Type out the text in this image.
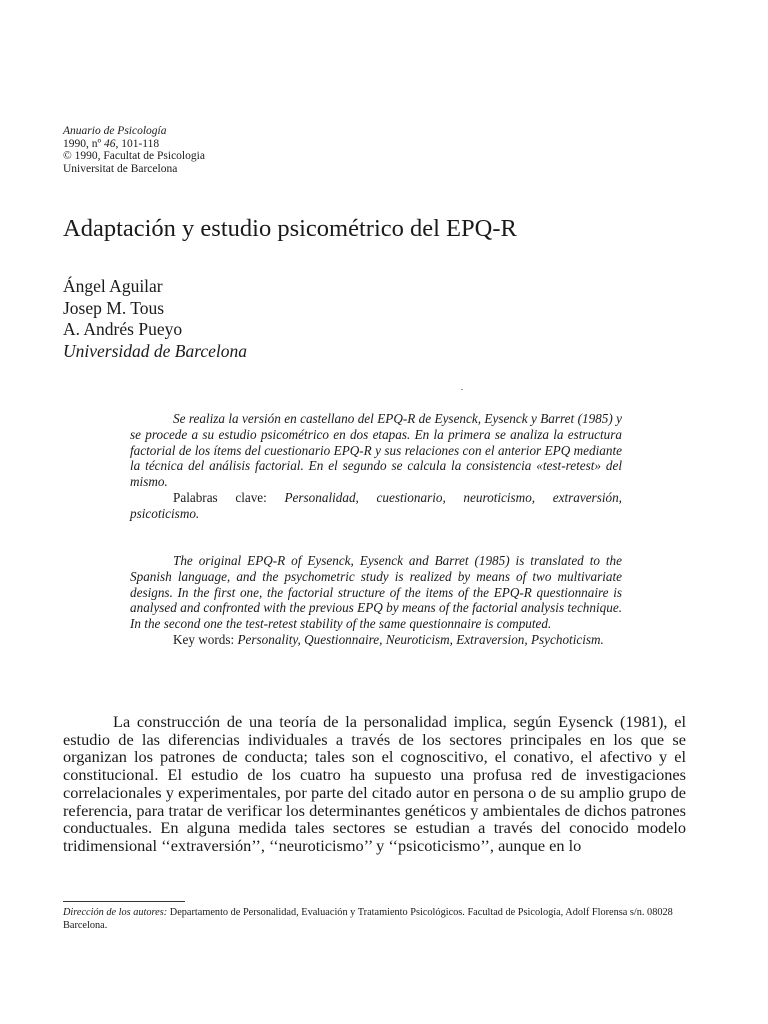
Anuario de Psicología
1990, nº 46, 101-118
© 1990, Facultat de Psicologia
Universitat de Barcelona
Adaptación y estudio psicométrico del EPQ-R
Ángel Aguilar
Josep M. Tous
A. Andrés Pueyo
Universidad de Barcelona

Se realiza la versión en castellano del EPQ-R de Eysenck, Eysenck y Barret (1985) y se procede a su estudio psicométrico en dos etapas. En la primera se analiza la estructura factorial de los ítems del cuestionario EPQ-R y sus relaciones con el anterior EPQ mediante la técnica del análisis factorial. En el segundo se calcula la consistencia «test-retest» del mismo.

Palabras clave: Personalidad, cuestionario, neuroticismo, extraversión, psicoticismo.

The original EPQ-R of Eysenck, Eysenck and Barret (1985) is translated to the Spanish language, and the psychometric study is realized by means of two multivariate designs. In the first one, the factorial structure of the items of the EPQ-R questionnaire is analysed and confronted with the previous EPQ by means of the factorial analysis technique. In the second one the test-retest stability of the same questionnaire is computed.

Key words: Personality, Questionnaire, Neuroticism, Extraversion, Psychoticism.

La construcción de una teoría de la personalidad implica, según Eysenck (1981), el estudio de las diferencias individuales a través de los sectores principales en los que se organizan los patrones de conducta; tales son el cognoscitivo, el conativo, el afectivo y el constitucional. El estudio de los cuatro ha supuesto una profusa red de investigaciones correlacionales y experimentales, por parte del citado autor en persona o de su amplio grupo de referencia, para tratar de verificar los determinantes genéticos y ambientales de dichos patrones conductuales. En alguna medida tales sectores se estudian a través del conocido modelo tridimensional ‘‘extraversión’’, ‘‘neuroticismo’’ y ‘‘psicoticismo’’, aunque en lo

Dirección de los autores: Departamento de Personalidad, Evaluación y Tratamiento Psicológicos. Facultad de Psicología, Adolf Florensa s/n. 08028 Barcelona.
